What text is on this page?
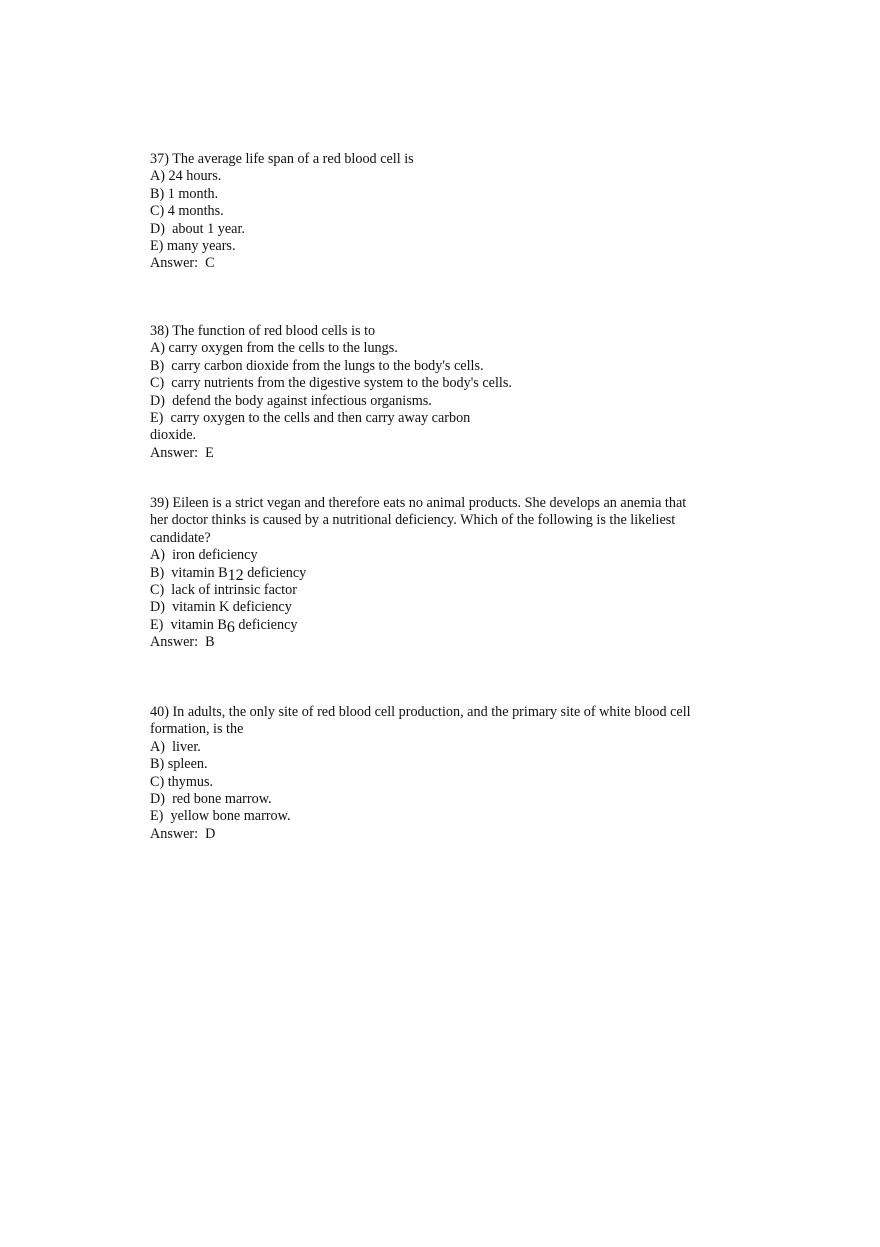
37) The average life span of a red blood cell is
A) 24 hours.
B) 1 month.
C) 4 months.
D)  about 1 year.
E) many years.
Answer:  C
38) The function of red blood cells is to
A) carry oxygen from the cells to the lungs.
B)  carry carbon dioxide from the lungs to the body's cells.
C)  carry nutrients from the digestive system to the body's cells.
D)  defend the body against infectious organisms.
E)  carry oxygen to the cells and then carry away carbon
dioxide.
Answer:  E
39) Eileen is a strict vegan and therefore eats no animal products. She develops an anemia that
her doctor thinks is caused by a nutritional deficiency. Which of the following is the likeliest
candidate?
A)  iron deficiency
B)  vitamin $B_{12}$ deficiency
C)  lack of intrinsic factor
D)  vitamin K deficiency
E)  vitamin $B_6$ deficiency
Answer:  B
40) In adults, the only site of red blood cell production, and the primary site of white blood cell
formation, is the
A)  liver.
B) spleen.
C) thymus.
D)  red bone marrow.
E)  yellow bone marrow.
Answer:  D
